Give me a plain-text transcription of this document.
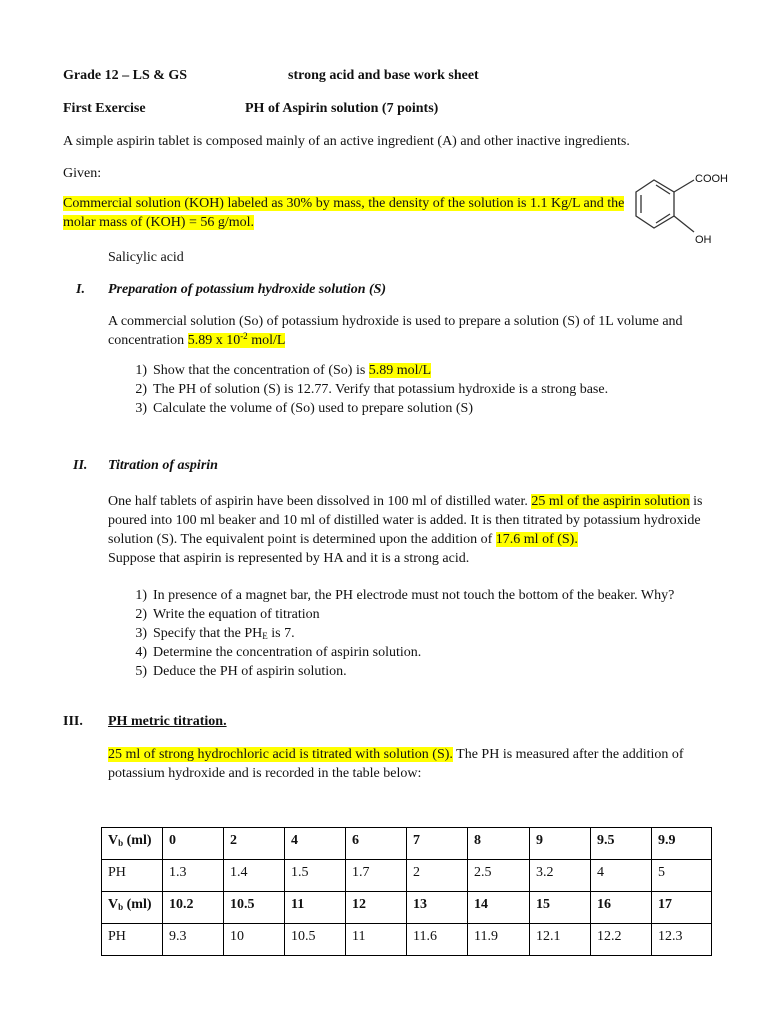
Grade 12 – LS & GS	strong acid and base work sheet
First Exercise	PH of Aspirin solution (7 points)
A simple aspirin tablet is composed mainly of an active ingredient (A) and other inactive ingredients.
Given:
Commercial solution (KOH) labeled as 30% by mass, the density of the solution is 1.1 Kg/L and the
molar mass of (KOH) = 56 g/mol.
Salicylic acid
COOH
OH
I. Preparation of potassium hydroxide solution (S)
A commercial solution (So) of potassium hydroxide is used to prepare a solution (S) of 1L volume and
concentration 5.89 x $10^{-2}$ mol/L
1) Show that the concentration of (So) is 5.89 mol/L
2) The PH of solution (S) is 12.77. Verify that potassium hydroxide is a strong base.
3) Calculate the volume of (So) used to prepare solution (S)
II. Titration of aspirin
One half tablets of aspirin have been dissolved in 100 ml of distilled water. 25 ml of the aspirin solution is
poured into 100 ml beaker and 10 ml of distilled water is added. It is then titrated by potassium hydroxide
solution (S). The equivalent point is determined upon the addition of 17.6 ml of (S).
Suppose that aspirin is represented by HA and it is a strong acid.
1) In presence of a magnet bar, the PH electrode must not touch the bottom of the beaker. Why?
2) Write the equation of titration
3) Specify that the $PH_E$ is 7.
4) Determine the concentration of aspirin solution.
5) Deduce the PH of aspirin solution.
III. PH metric titration.
25 ml of strong hydrochloric acid is titrated with solution (S). The PH is measured after the addition of
potassium hydroxide and is recorded in the table below:
$V_b$ (ml)	0	2	4	6	7	8	9	9.5	9.9
PH	1.3	1.4	1.5	1.7	2	2.5	3.2	4	5
$V_b$ (ml)	10.2	10.5	11	12	13	14	15	16	17
PH	9.3	10	10.5	11	11.6	11.9	12.1	12.2	12.3
